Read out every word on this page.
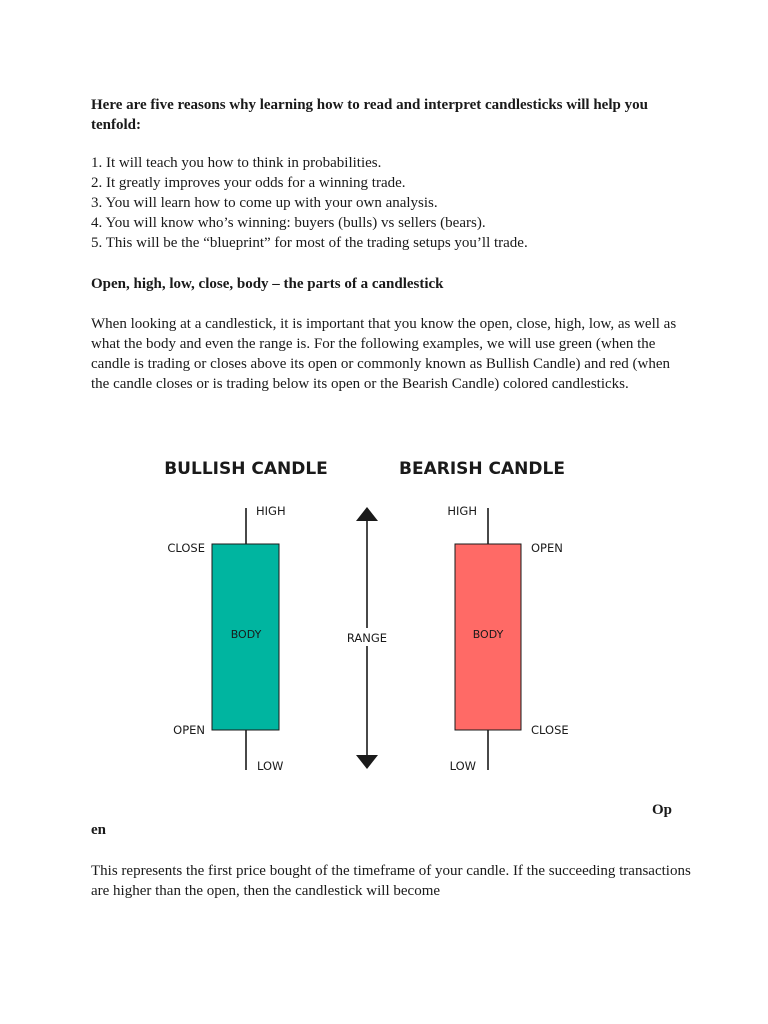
Here are five reasons why learning how to read and interpret candlesticks will help you tenfold:

1. It will teach you how to think in probabilities.
2. It greatly improves your odds for a winning trade.
3. You will learn how to come up with your own analysis.
4. You will know who’s winning: buyers (bulls) vs sellers (bears).
5. This will be the “blueprint” for most of the trading setups you’ll trade.

Open, high, low, close, body – the parts of a candlestick

When looking at a candlestick, it is important that you know the open, close, high, low, as well as what the body and even the range is. For the following examples, we will use green (when the candle is trading or closes above its open or commonly known as Bullish Candle) and red (when the candle closes or is trading below its open or the Bearish Candle) colored candlesticks.

BULLISH CANDLE
HIGH
CLOSE
BODY
OPEN
LOW
RANGE
BEARISH CANDLE
HIGH
OPEN
BODY
CLOSE
LOW
Op
en

This represents the first price bought of the timeframe of your candle. If the succeeding transactions are higher than the open, then the candlestick will become
